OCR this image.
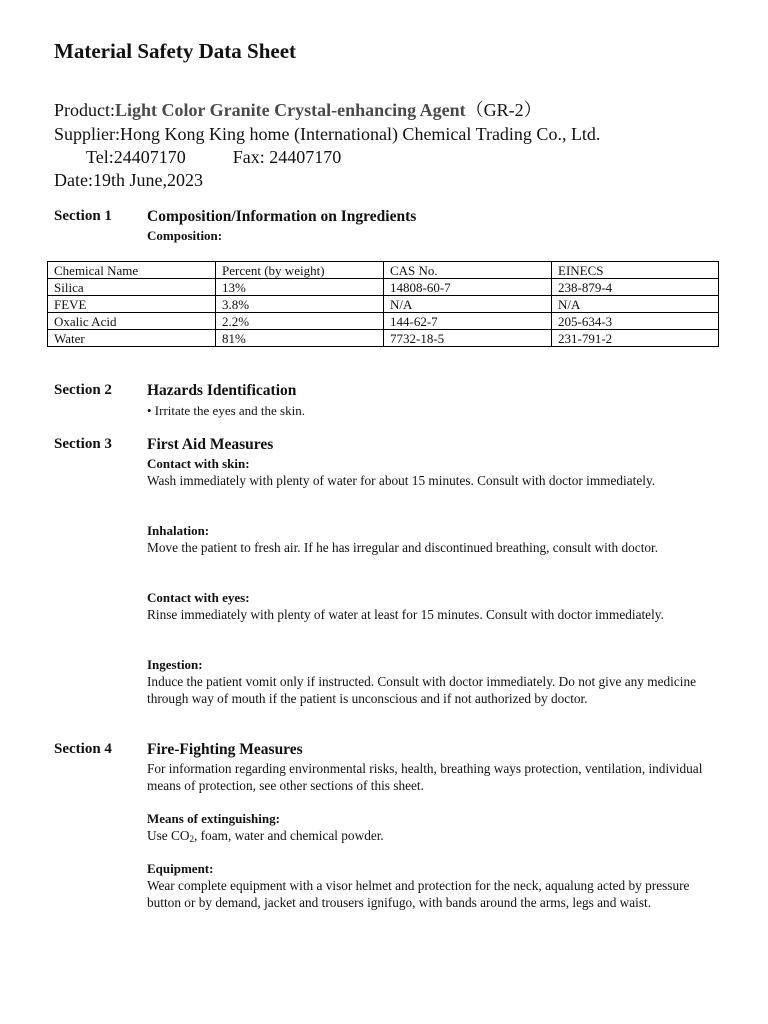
Material Safety Data Sheet
Product:Light Color Granite Crystal-enhancing Agent（GR-2）
Supplier:Hong Kong King home (International) Chemical Trading Co., Ltd.
Tel:24407170	Fax: 24407170
Date:19th June,2023
Section 1 Composition/Information on Ingredients
Composition:
Chemical Name	Percent (by weight)	CAS No.	EINECS
Silica	13%	14808-60-7	238-879-4
FEVE	3.8%	N/A	N/A
Oxalic Acid	2.2%	144-62-7	205-634-3
Water	81%	7732-18-5	231-791-2
Section 2 Hazards Identification
• Irritate the eyes and the skin.
Section 3 First Aid Measures
Contact with skin:
Wash immediately with plenty of water for about 15 minutes. Consult with doctor immediately.
Inhalation:
Move the patient to fresh air. If he has irregular and discontinued breathing, consult with doctor.
Contact with eyes:
Rinse immediately with plenty of water at least for 15 minutes. Consult with doctor immediately.
Ingestion:
Induce the patient vomit only if instructed. Consult with doctor immediately. Do not give any medicine through way of mouth if the patient is unconscious and if not authorized by doctor.
Section 4 Fire-Fighting Measures
For information regarding environmental risks, health, breathing ways protection, ventilation, individual means of protection, see other sections of this sheet.
Means of extinguishing:
Use $CO_2$, foam, water and chemical powder.
Equipment:
Wear complete equipment with a visor helmet and protection for the neck, aqualung acted by pressure button or by demand, jacket and trousers ignifugo, with bands around the arms, legs and waist.
